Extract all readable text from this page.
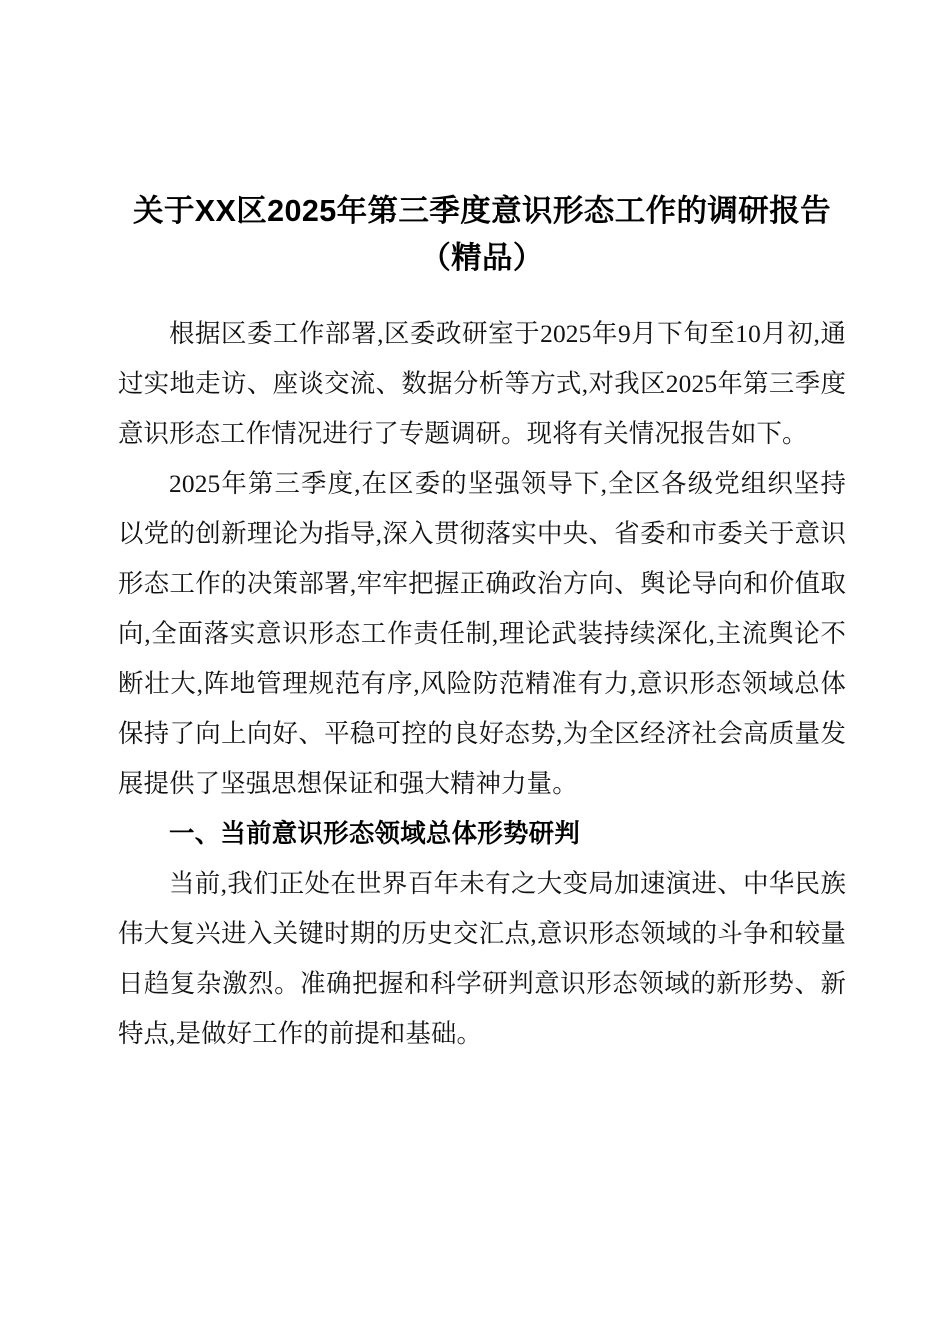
关于XX区2025年第三季度意识形态工作的调研报告（精品）

根据区委工作部署,区委政研室于2025年9月下旬至10月初,通过实地走访、座谈交流、数据分析等方式,对我区2025年第三季度意识形态工作情况进行了专题调研。现将有关情况报告如下。

2025年第三季度,在区委的坚强领导下,全区各级党组织坚持以党的创新理论为指导,深入贯彻落实中央、省委和市委关于意识形态工作的决策部署,牢牢把握正确政治方向、舆论导向和价值取向,全面落实意识形态工作责任制,理论武装持续深化,主流舆论不断壮大,阵地管理规范有序,风险防范精准有力,意识形态领域总体保持了向上向好、平稳可控的良好态势,为全区经济社会高质量发展提供了坚强思想保证和强大精神力量。

一、当前意识形态领域总体形势研判

当前,我们正处在世界百年未有之大变局加速演进、中华民族伟大复兴进入关键时期的历史交汇点,意识形态领域的斗争和较量日趋复杂激烈。准确把握和科学研判意识形态领域的新形势、新特点,是做好工作的前提和基础。
